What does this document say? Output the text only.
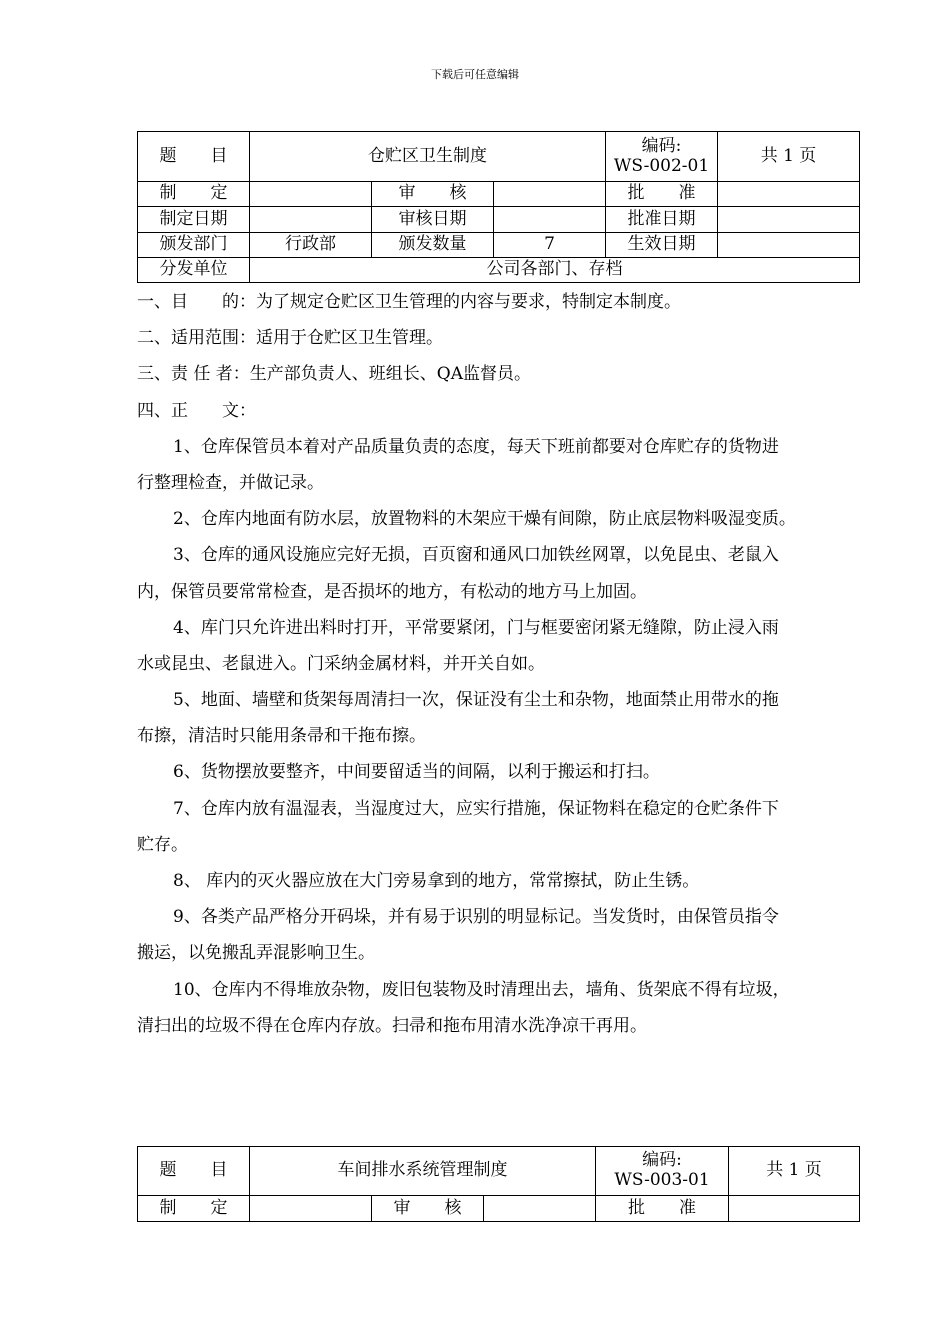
下载后可任意编辑
题　　目	仓贮区卫生制度			编码:
WS-002-01	共 1 页
制　　定		审　　核		批　　准	
制定日期		审核日期		批准日期	
颁发部门	行政部	颁发数量	7	生效日期	
分发单位	公司各部门、存档				
一、目　　的：为了规定仓贮区卫生管理的内容与要求，特制定本制度。
二、适用范围：适用于仓贮区卫生管理。
三、责 任 者：生产部负责人、班组长、QA监督员。
四、正　　文：
1、仓库保管员本着对产品质量负责的态度，每天下班前都要对仓库贮存的货物进
行整理检查，并做记录。
2、仓库内地面有防水层，放置物料的木架应干燥有间隙，防止底层物料吸湿变质。
3、仓库的通风设施应完好无损，百页窗和通风口加铁丝网罩，以免昆虫、老鼠入
内，保管员要常常检查，是否损坏的地方，有松动的地方马上加固。
4、库门只允许进出料时打开，平常要紧闭，门与框要密闭紧无缝隙，防止浸入雨
水或昆虫、老鼠进入。门采纳金属材料，并开关自如。
5、地面、墙壁和货架每周清扫一次，保证没有尘土和杂物，地面禁止用带水的拖
布擦，清洁时只能用条帚和干拖布擦。
6、货物摆放要整齐，中间要留适当的间隔，以利于搬运和打扫。
7、仓库内放有温湿表，当湿度过大，应实行措施，保证物料在稳定的仓贮条件下
贮存。
8、 库内的灭火器应放在大门旁易拿到的地方，常常擦拭，防止生锈。
9、各类产品严格分开码垛，并有易于识别的明显标记。当发货时，由保管员指令
搬运，以免搬乱弄混影响卫生。
10、仓库内不得堆放杂物，废旧包装物及时清理出去，墙角、货架底不得有垃圾，
清扫出的垃圾不得在仓库内存放。扫帚和拖布用清水洗净凉干再用。
题　　目	车间排水系统管理制度			编码:
WS-003-01	共 1 页
制　　定		审　　核		批　　准	
